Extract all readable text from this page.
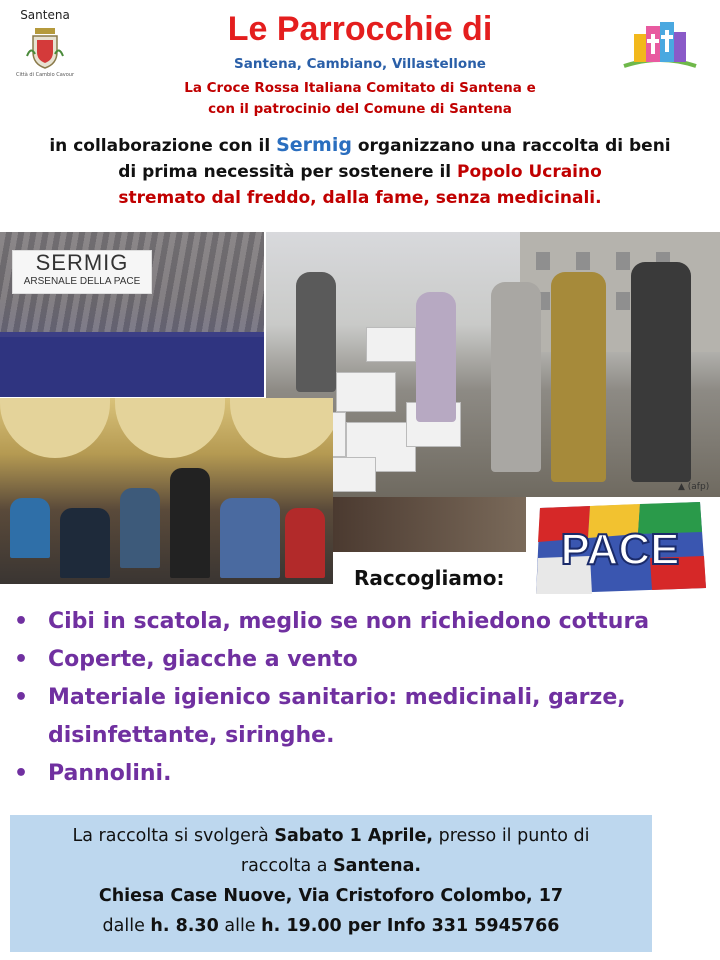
Santena
Città di Cambio Cavour
Le Parrocchie di
Santena, Cambiano, Villastellone
La Croce Rossa Italiana Comitato di Santena e
con il patrocinio del Comune di Santena
in collaborazione con il Sermig organizzano una raccolta di beni di prima necessità per sostenere il Popolo Ucraino
stremato dal freddo, dalla fame, senza medicinali.
SERMIG
ARSENALE DELLA PACE
▲ (afp)
PACE
Raccogliamo:
• Cibi in scatola, meglio se non richiedono cottura
• Coperte, giacche a vento
• Materiale igienico sanitario: medicinali, garze, disinfettante, siringhe.
• Pannolini.
La raccolta si svolgerà Sabato 1 Aprile, presso il punto di
raccolta a Santena.
Chiesa Case Nuove, Via Cristoforo Colombo, 17
dalle h. 8.30 alle h. 19.00 per Info 331 5945766
